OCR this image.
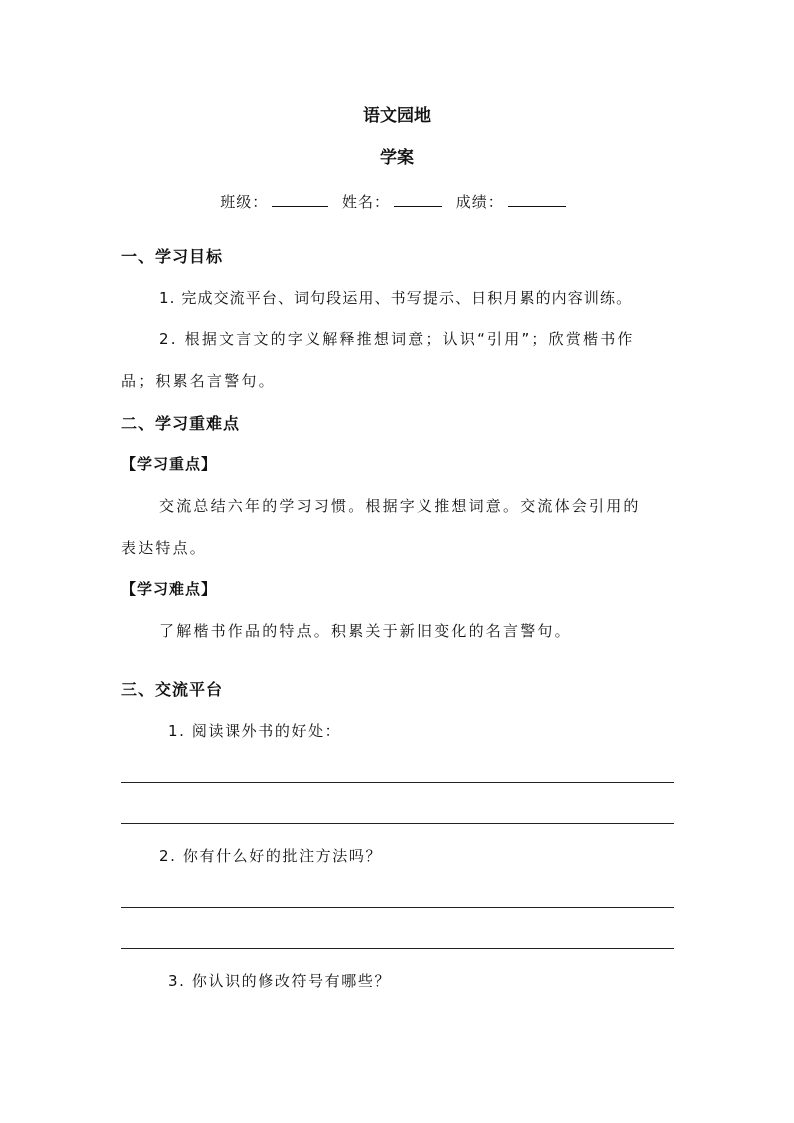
语文园地
学案
班级：	姓名：	成绩：
一、学习目标
1. 完成交流平台、词句段运用、书写提示、日积月累的内容训练。
2. 根据文言文的字义解释推想词意；认识“引用”；欣赏楷书作
品；积累名言警句。
二、学习重难点
【学习重点】
交流总结六年的学习习惯。根据字义推想词意。交流体会引用的
表达特点。
【学习难点】
了解楷书作品的特点。积累关于新旧变化的名言警句。
三、交流平台
1. 阅读课外书的好处：
2. 你有什么好的批注方法吗？
3. 你认识的修改符号有哪些？
